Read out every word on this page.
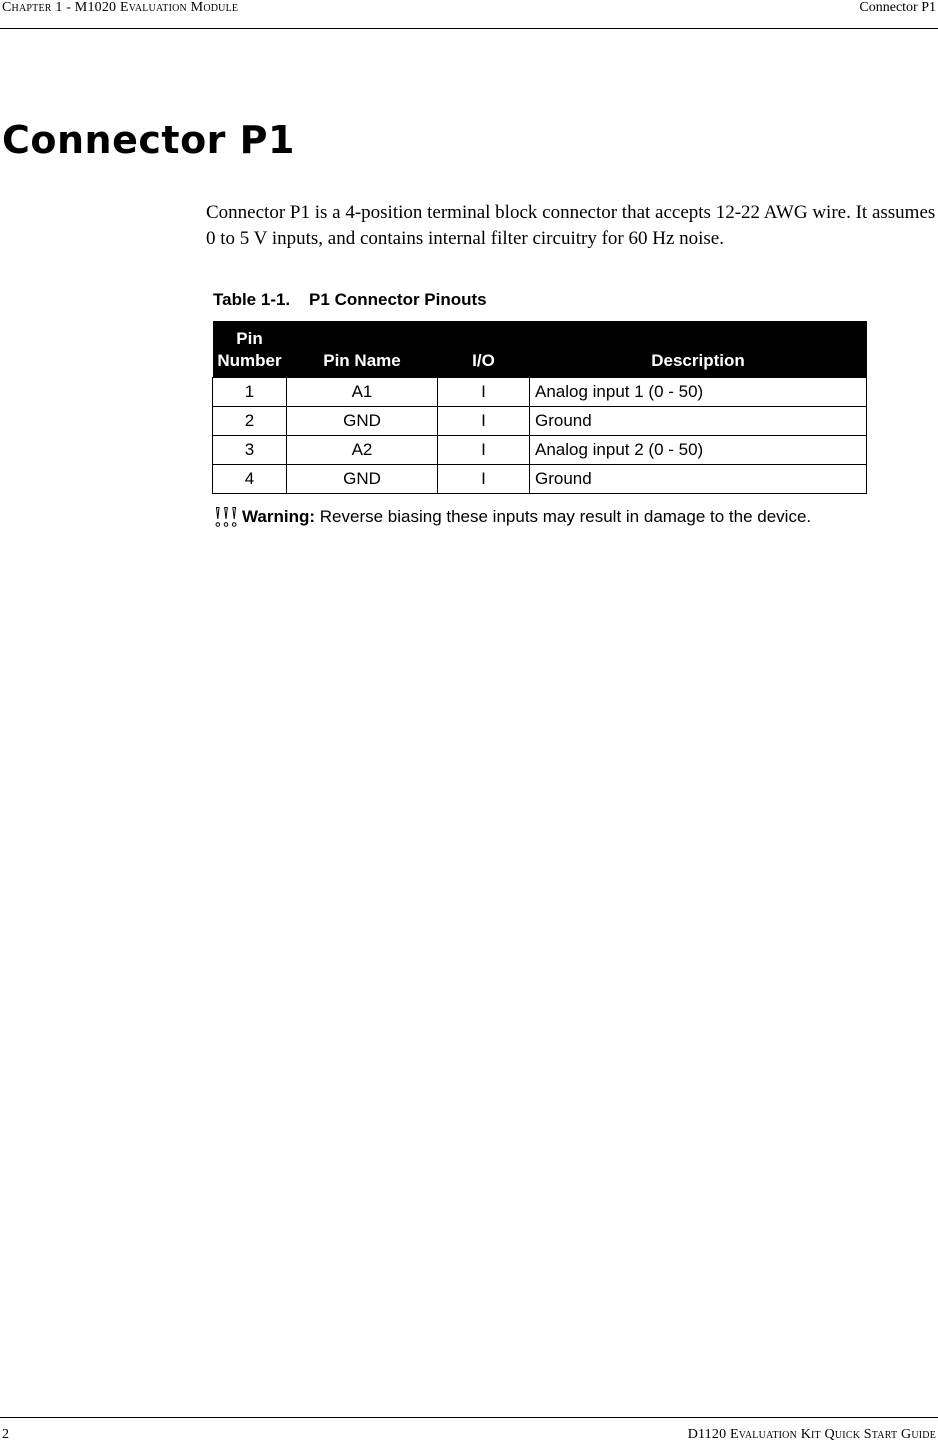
Chapter 1 - M1020 Evaluation Module	Connector P1
Connector P1

Connector P1 is a 4-position terminal block connector that accepts 12-22 AWG wire. It assumes 0 to 5 V inputs, and contains internal filter circuitry for 60 Hz noise.

Table 1-1.    P1 Connector Pinouts
Pin Number	Pin Name	I/O	Description
1	A1	I	Analog input 1 (0 - 50)
2	GND	I	Ground
3	A2	I	Analog input 2 (0 - 50)
4	GND	I	Ground
Warning: Reverse biasing these inputs may result in damage to the device.
2	D1120 Evaluation Kit Quick Start Guide
